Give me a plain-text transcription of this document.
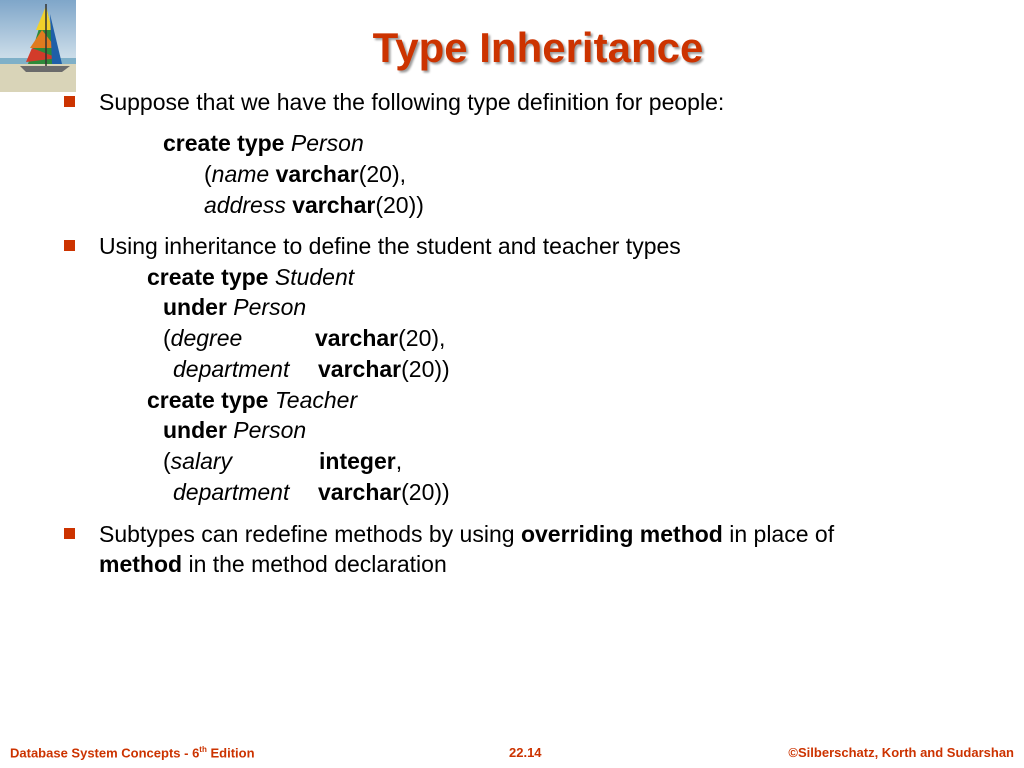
Type Inheritance
Suppose that we have the following type definition for people:
create type Person
(name varchar(20),
address varchar(20))
Using inheritance to define the student and teacher types
create type Student
under Person
(degree	varchar(20),
department varchar(20))
create type Teacher
under Person
(salary	integer,
department varchar(20))
Subtypes can redefine methods by using overriding method in place of
method in the method declaration
Database System Concepts - 6th Edition	22.14	©Silberschatz, Korth and Sudarshan
